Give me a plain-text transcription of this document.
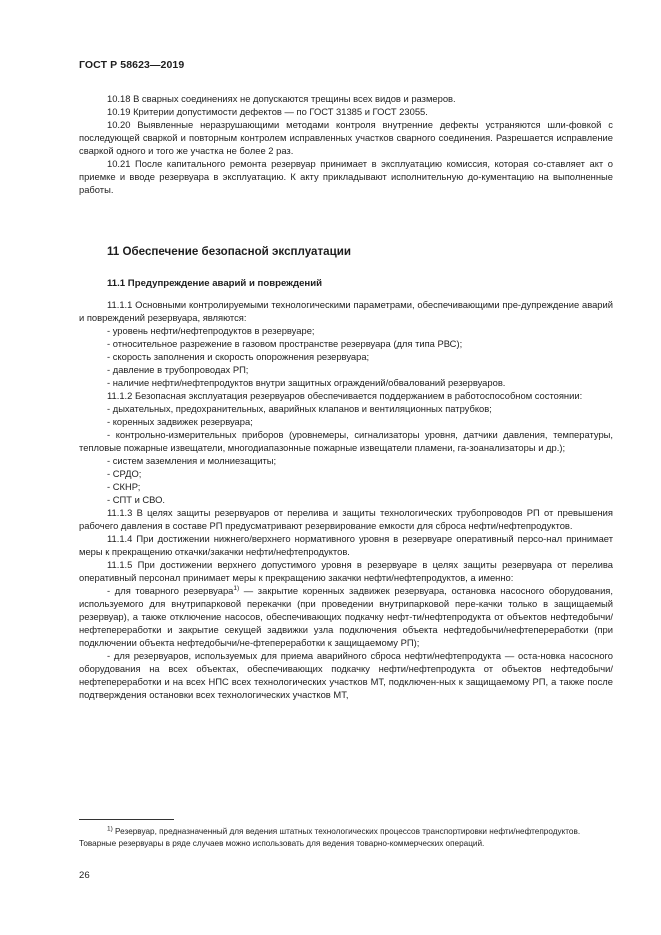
ГОСТ Р 58623—2019

10.18 В сварных соединениях не допускаются трещины всех видов и размеров.

10.19 Критерии допустимости дефектов — по ГОСТ 31385 и ГОСТ 23055.

10.20 Выявленные неразрушающими методами контроля внутренние дефекты устраняются шли-фовкой с последующей сваркой и повторным контролем исправленных участков сварного соединения. Разрешается исправление сваркой одного и того же участка не более 2 раз.

10.21 После капитального ремонта резервуар принимает в эксплуатацию комиссия, которая со-ставляет акт о приемке и вводе резервуара в эксплуатацию. К акту прикладывают исполнительную до-кументацию на выполненные работы.

11 Обеспечение безопасной эксплуатации
11.1 Предупреждение аварий и повреждений

11.1.1 Основными контролируемыми технологическими параметрами, обеспечивающими пре-дупреждение аварий и повреждений резервуара, являются:

- уровень нефти/нефтепродуктов в резервуаре;

- относительное разрежение в газовом пространстве резервуара (для типа РВС);

- скорость заполнения и скорость опорожнения резервуара;

- давление в трубопроводах РП;

- наличие нефти/нефтепродуктов внутри защитных ограждений/обвалований резервуаров.

11.1.2 Безопасная эксплуатация резервуаров обеспечивается поддержанием в работоспособном состоянии:

- дыхательных, предохранительных, аварийных клапанов и вентиляционных патрубков;

- коренных задвижек резервуара;

- контрольно-измерительных приборов (уровнемеры, сигнализаторы уровня, датчики давления, температуры, тепловые пожарные извещатели, многодиапазонные пожарные извещатели пламени, га-зоанализаторы и др.);

- систем заземления и молниезащиты;

- СРДО;

- СКНР;

- СПТ и СВО.

11.1.3 В целях защиты резервуаров от перелива и защиты технологических трубопроводов РП от превышения рабочего давления в составе РП предусматривают резервирование емкости для сброса нефти/нефтепродуктов.

11.1.4 При достижении нижнего/верхнего нормативного уровня в резервуаре оперативный персо-нал принимает меры к прекращению откачки/закачки нефти/нефтепродуктов.

11.1.5 При достижении верхнего допустимого уровня в резервуаре в целях защиты резервуара от перелива оперативный персонал принимает меры к прекращению закачки нефти/нефтепродуктов, а именно:

- для товарного резервуара$^{1)}$ — закрытие коренных задвижек резервуара, остановка насосного оборудования, используемого для внутрипарковой перекачки (при проведении внутрипарковой пере-качки только в защищаемый резервуар), а также отключение насосов, обеспечивающих подкачку нефт-ти/нефтепродукта от объектов нефтедобычи/нефтепереработки и закрытие секущей задвижки узла подключения объекта нефтедобычи/нефтепереработки (при подключении объекта нефтедобычи/не-фтепереработки к защищаемому РП);

- для резервуаров, используемых для приема аварийного сброса нефти/нефтепродукта — оста-новка насосного оборудования на всех объектах, обеспечивающих подкачку нефти/нефтепродукта от объектов нефтедобычи/нефтепереработки и на всех НПС всех технологических участков МТ, подключен-ных к защищаемому РП, а также после подтверждения остановки всех технологических участков МТ,

$^{1)}$ Резервуар, предназначенный для ведения штатных технологических процессов транспортировки нефти/нефтепродуктов. Товарные резервуары в ряде случаев можно использовать для ведения товарно-коммерческих операций.
26
